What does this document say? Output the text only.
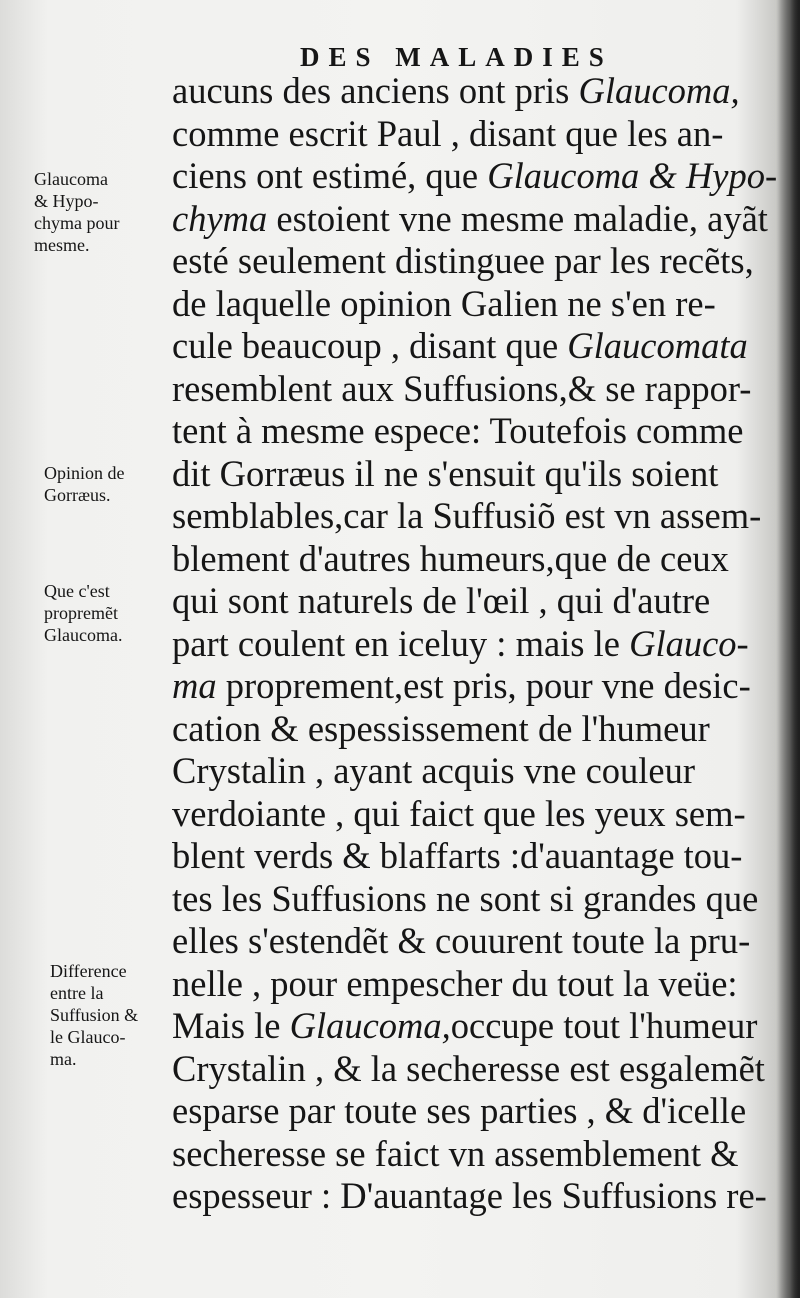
DES MALADIES
aucuns des anciens ont pris Glaucoma,
comme escrit Paul , disant que les an-
ciens ont estimé, que Glaucoma & Hypo-
chyma estoient vne mesme maladie, ayãt
esté seulement distinguee par les recẽts,
de laquelle opinion Galien ne s'en re-
cule beaucoup , disant que Glaucomata
resemblent aux Suffusions,& se rappor-
tent à mesme espece: Toutefois comme
dit Gorræus il ne s'ensuit qu'ils soient
semblables,car la Suffusiõ est vn assem-
blement d'autres humeurs,que de ceux
qui sont naturels de l'œil , qui d'autre
part coulent en iceluy : mais le Glauco-
ma proprement,est pris, pour vne desic-
cation & espessissement de l'humeur
Crystalin , ayant acquis vne couleur
verdoiante , qui faict que les yeux sem-
blent verds & blaffarts :d'auantage tou-
tes les Suffusions ne sont si grandes que
elles s'estendẽt & couurent toute la pru-
nelle , pour empescher du tout la veüe:
Mais le Glaucoma,occupe tout l'humeur
Crystalin , & la secheresse est esgalemẽt
esparse par toute ses parties , & d'icelle
secheresse se faict vn assemblement &
espesseur : D'auantage les Suffusions re-
Glaucoma
& Hypo-
chyma pour
mesme.
Opinion de
Gorræus.
Que c'est
propremẽt
Glaucoma.
Difference
entre la
Suffusion &
le Glauco-
ma.
